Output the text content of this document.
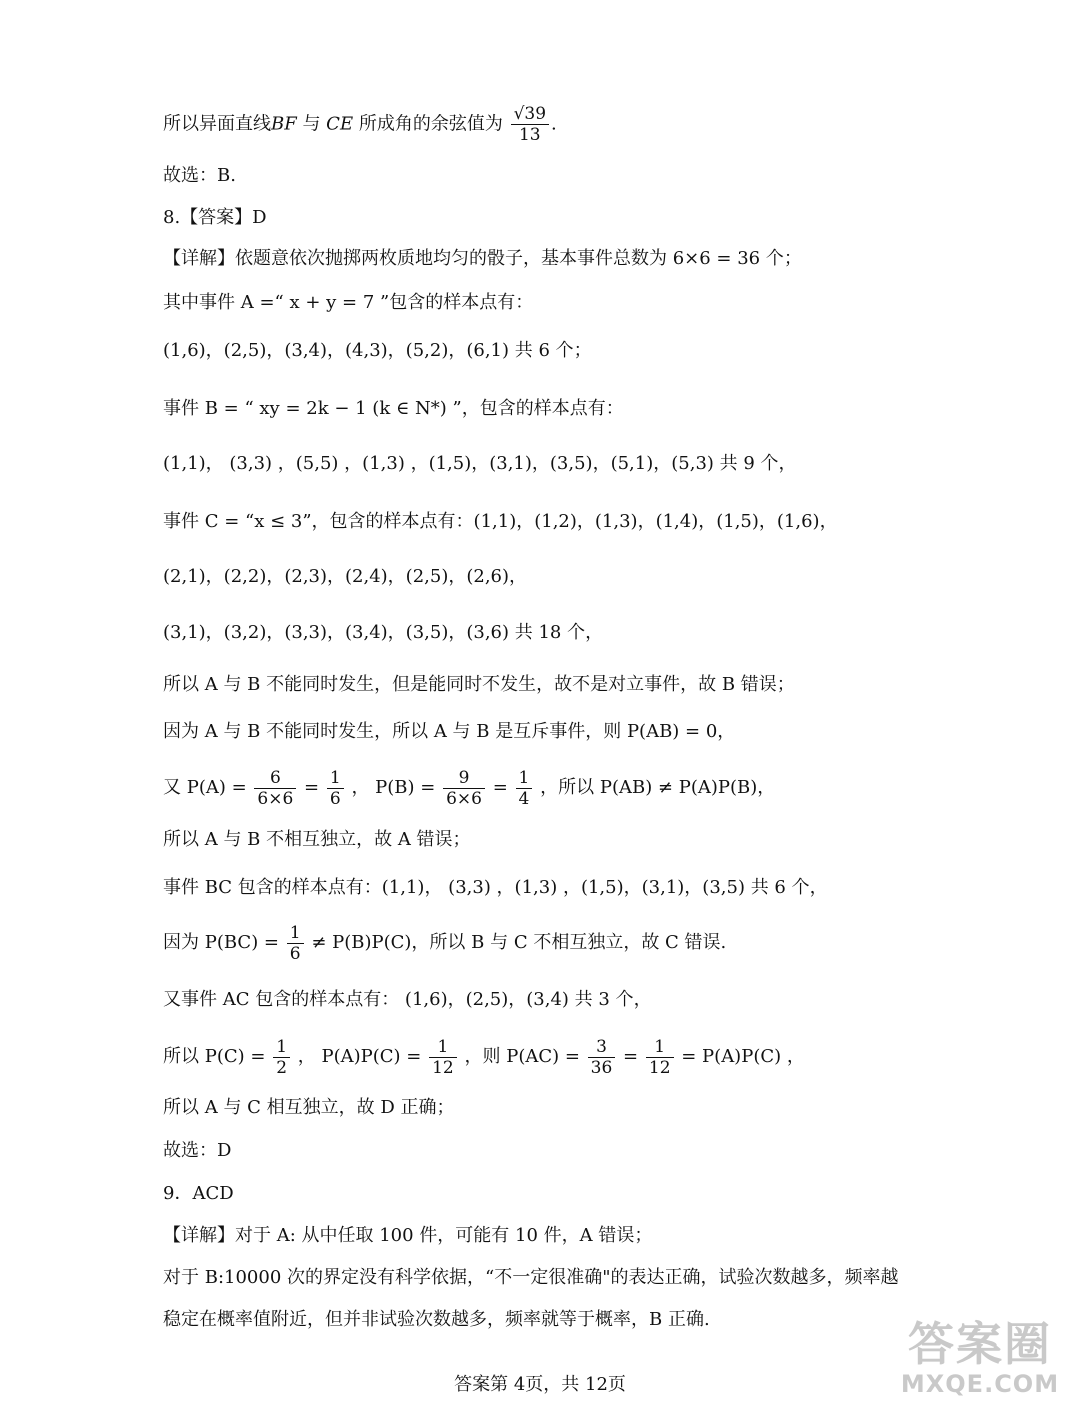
所以异面直线BF 与 CE 所成角的余弦值为 $\frac{√39}{13}$ .
故选：B.
8.【答案】D
【详解】依题意依次抛掷两枚质地均匀的骰子，基本事件总数为 6×6 = 36 个；
其中事件 A =“ x + y = 7 ”包含的样本点有：
(1,6)，(2,5)，(3,4)，(4,3)，(5,2)，(6,1) 共 6 个；
事件 B = “ xy = 2k − 1 (k ∈ N*) ”，包含的样本点有：
(1,1)， (3,3) ，(5,5) ，(1,3) ，(1,5)，(3,1)，(3,5)，(5,1)，(5,3) 共 9 个，
事件 C = “x ≤ 3”，包含的样本点有：(1,1)，(1,2)，(1,3)，(1,4)，(1,5)，(1,6)，
(2,1)，(2,2)，(2,3)，(2,4)，(2,5)，(2,6)，
(3,1)，(3,2)，(3,3)，(3,4)，(3,5)，(3,6) 共 18 个，
所以 A 与 B 不能同时发生，但是能同时不发生，故不是对立事件，故 B 错误；
因为 A 与 B 不能同时发生，所以 A 与 B 是互斥事件，则 P(AB) = 0，
又 $P(A) = \frac{6}{6\times 6} = \frac{1}{6}$ ， $P(B) = \frac{9}{6\times 6} = \frac{1}{4}$ ，所以 P(AB) ≠ P(A)P(B)，
所以 A 与 B 不相互独立，故 A 错误；
事件 BC 包含的样本点有：(1,1)， (3,3) ，(1,3) ，(1,5)，(3,1)，(3,5) 共 6 个，
因为 $P(BC) = \frac{1}{6} \ne P(B)P(C)$，所以 B 与 C 不相互独立，故 C 错误.
又事件 AC 包含的样本点有： (1,6)，(2,5)，(3,4) 共 3 个，
所以 $P(C) = \frac{1}{2}$ ， $P(A)P(C) = \frac{1}{12}$ ，则 $P(AC) = \frac{3}{36} = \frac{1}{12} = P(A)P(C)$ ，
所以 A 与 C 相互独立，故 D 正确；
故选：D
9．ACD
【详解】对于 A: 从中任取 100 件，可能有 10 件，A 错误；
对于 B:10000 次的界定没有科学依据，“不一定很准确"的表达正确，试验次数越多，频率越
稳定在概率值附近，但并非试验次数越多，频率就等于概率，B 正确.
答案第 4页，共 12页
答案圈
MXQE.COM
